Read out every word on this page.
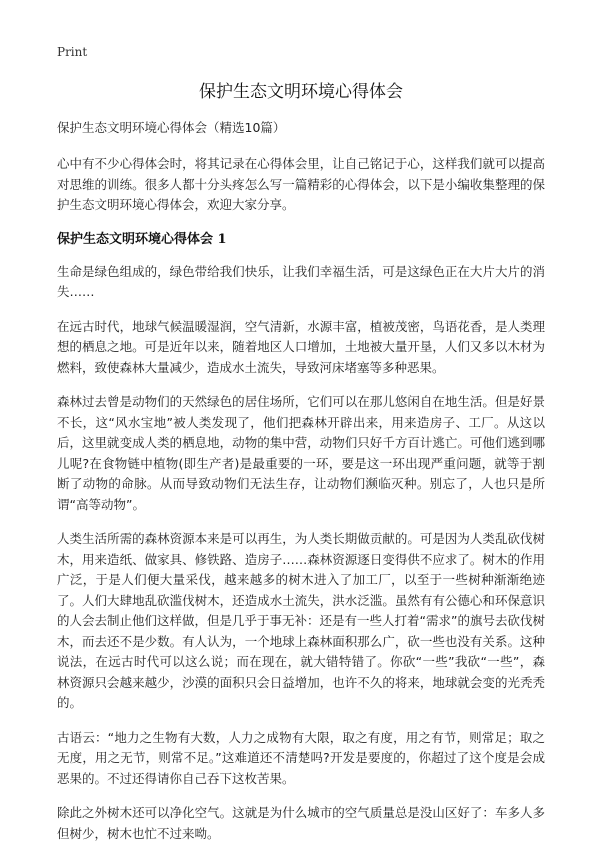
Print
保护生态文明环境心得体会

保护生态文明环境心得体会（精选10篇）

心中有不少心得体会时，将其记录在心得体会里，让自己铭记于心，这样我们就可以提高对思维的训练。很多人都十分头疼怎么写一篇精彩的心得体会，以下是小编收集整理的保护生态文明环境心得体会，欢迎大家分享。

保护生态文明环境心得体会 1

生命是绿色组成的，绿色带给我们快乐，让我们幸福生活，可是这绿色正在大片大片的消失……

在远古时代，地球气候温暖湿润，空气清新，水源丰富，植被茂密，鸟语花香，是人类理想的栖息之地。可是近年以来，随着地区人口增加，土地被大量开垦，人们又多以木材为燃料，致使森林大量减少，造成水土流失，导致河床堵塞等多种恶果。

森林过去曾是动物们的天然绿色的居住场所，它们可以在那儿悠闲自在地生活。但是好景不长，这“风水宝地”被人类发现了，他们把森林开辟出来，用来造房子、工厂。从这以后，这里就变成人类的栖息地，动物的集中营，动物们只好千方百计逃亡。可他们逃到哪儿呢?在食物链中植物(即生产者)是最重要的一环，要是这一环出现严重问题，就等于割断了动物的命脉。从而导致动物们无法生存，让动物们濒临灭种。别忘了，人也只是所谓“高等动物”。

人类生活所需的森林资源本来是可以再生，为人类长期做贡献的。可是因为人类乱砍伐树木，用来造纸、做家具、修铁路、造房子……森林资源逐日变得供不应求了。树木的作用广泛，于是人们便大量采伐，越来越多的树木进入了加工厂，以至于一些树种渐渐绝迹了。人们大肆地乱砍滥伐树木，还造成水土流失，洪水泛滥。虽然有有公德心和环保意识的人会去制止他们这样做，但是几乎于事无补：还是有一些人打着“需求”的旗号去砍伐树木，而去还不是少数。有人认为，一个地球上森林面积那么广，砍一些也没有关系。这种说法，在远古时代可以这么说；而在现在，就大错特错了。你砍“一些”我砍“一些”，森林资源只会越来越少，沙漠的面积只会日益增加，也许不久的将来，地球就会变的光秃秃的。

古语云：“地力之生物有大数，人力之成物有大限，取之有度，用之有节，则常足；取之无度，用之无节，则常不足。”这难道还不清楚吗?开发是要度的，你超过了这个度是会成恶果的。不过还得请你自己吞下这枚苦果。

除此之外树木还可以净化空气。这就是为什么城市的空气质量总是没山区好了：车多人多但树少，树木也忙不过来呦。
